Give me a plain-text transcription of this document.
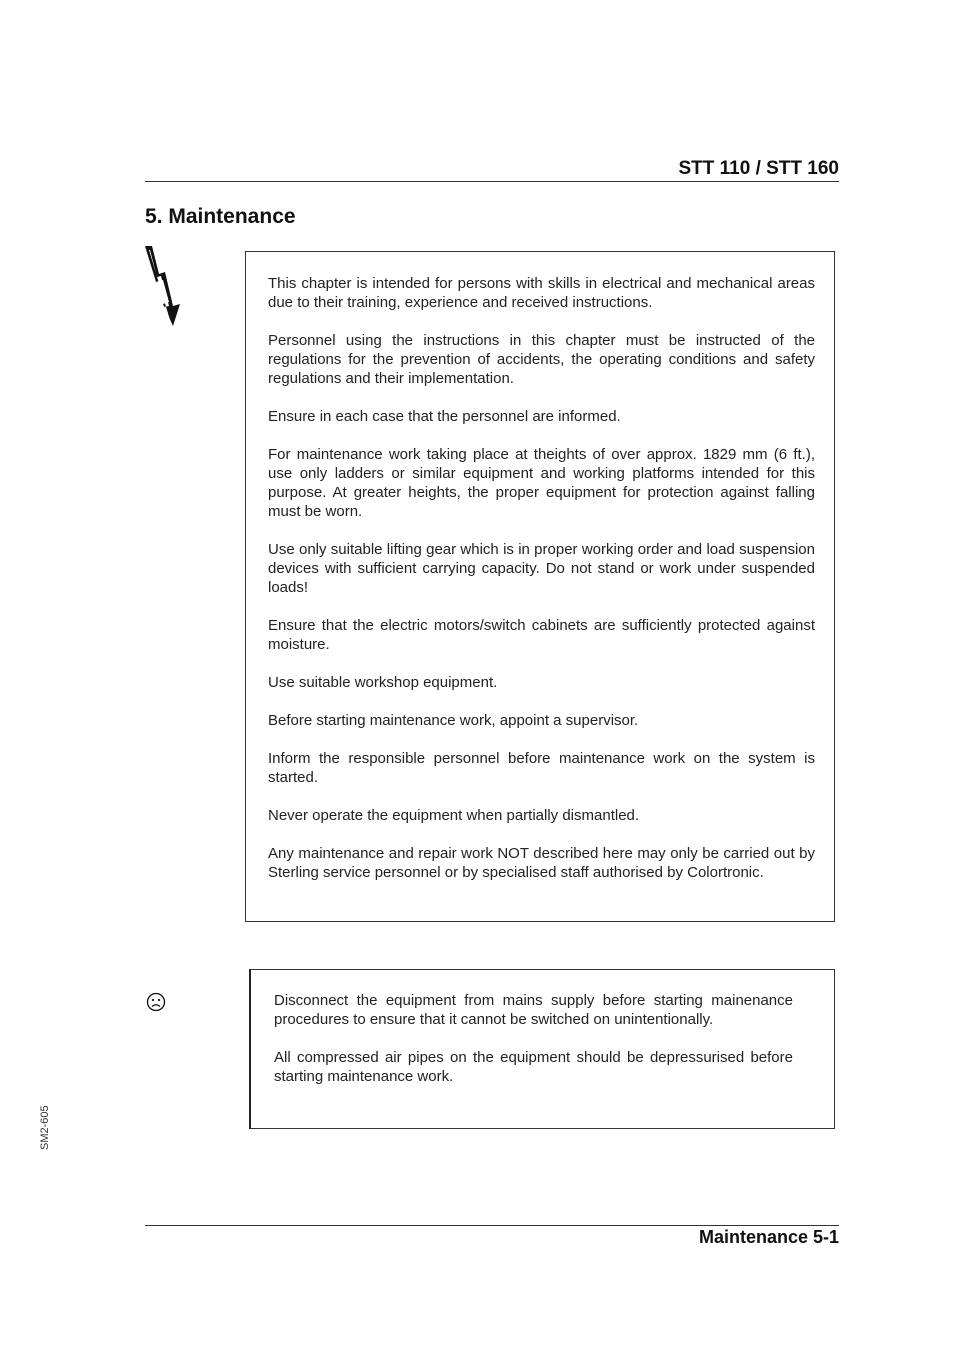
STT 110 / STT 160
5. Maintenance

This chapter is intended for persons with skills in electrical and mechanical areas due to their training, experience and received instructions.

Personnel using the instructions in this chapter must be instructed of the regulations for the prevention of accidents, the operating conditions and safety regulations and their implementation.

Ensure in each case that the personnel are informed.

For maintenance work taking place at theights of over approx. 1829 mm (6 ft.), use only ladders or similar equipment and working platforms intended for this purpose. At greater heights, the proper equipment for protection against falling must be worn.

Use only suitable lifting gear which is in proper working order and load suspension devices with sufficient carrying capacity. Do not stand or work under suspended loads!

Ensure that the electric motors/switch cabinets are sufficiently protected against moisture.

Use suitable workshop equipment.

Before starting maintenance work, appoint a supervisor.

Inform the responsible personnel before maintenance work on the system is started.

Never operate the equipment when partially dismantled.

Any maintenance and repair work NOT described here may only be carried out by Sterling service personnel or by specialised staff authorised by Colortronic.

Disconnect the equipment from mains supply before starting mainenance procedures to ensure that it cannot be switched on unintentionally.

All compressed air pipes on the equipment should be depressurised before starting maintenance work.

SM2-605
Maintenance 5-1
